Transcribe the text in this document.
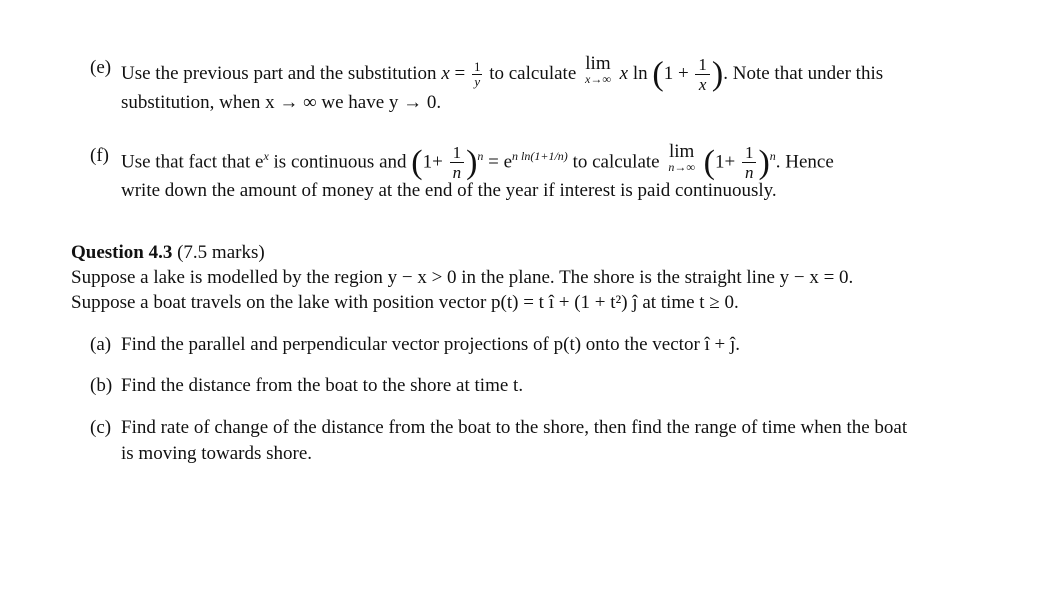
(e) Use the previous part and the substitution $x = \frac{1}{y}$ to calculate lim
x→∞ x $\ln (1 + \frac{1}{x}$ ). Note that under this
substitution, when x → ∞ we have y → 0.
(f) Use that fact that $e^x$ is continuous and $(1+ \frac{1}{n} )^n = e^{n ln(1+1/n)}$ to calculate lim
n→∞ $(1+ \frac{1}{n} )^n$. Hence
write down the amount of money at the end of the year if interest is paid continuously.
Question 4.3 (7.5 marks)
Suppose a lake is modelled by the region y − x > 0 in the plane. The shore is the straight line y − x = 0.
Suppose a boat travels on the lake with position vector p(t) = t î + (1 + t²) ĵ at time t ≥ 0.
(a) Find the parallel and perpendicular vector projections of p(t) onto the vector î + ĵ.
(b) Find the distance from the boat to the shore at time t.
(c) Find rate of change of the distance from the boat to the shore, then find the range of time when the boat
is moving towards shore.
